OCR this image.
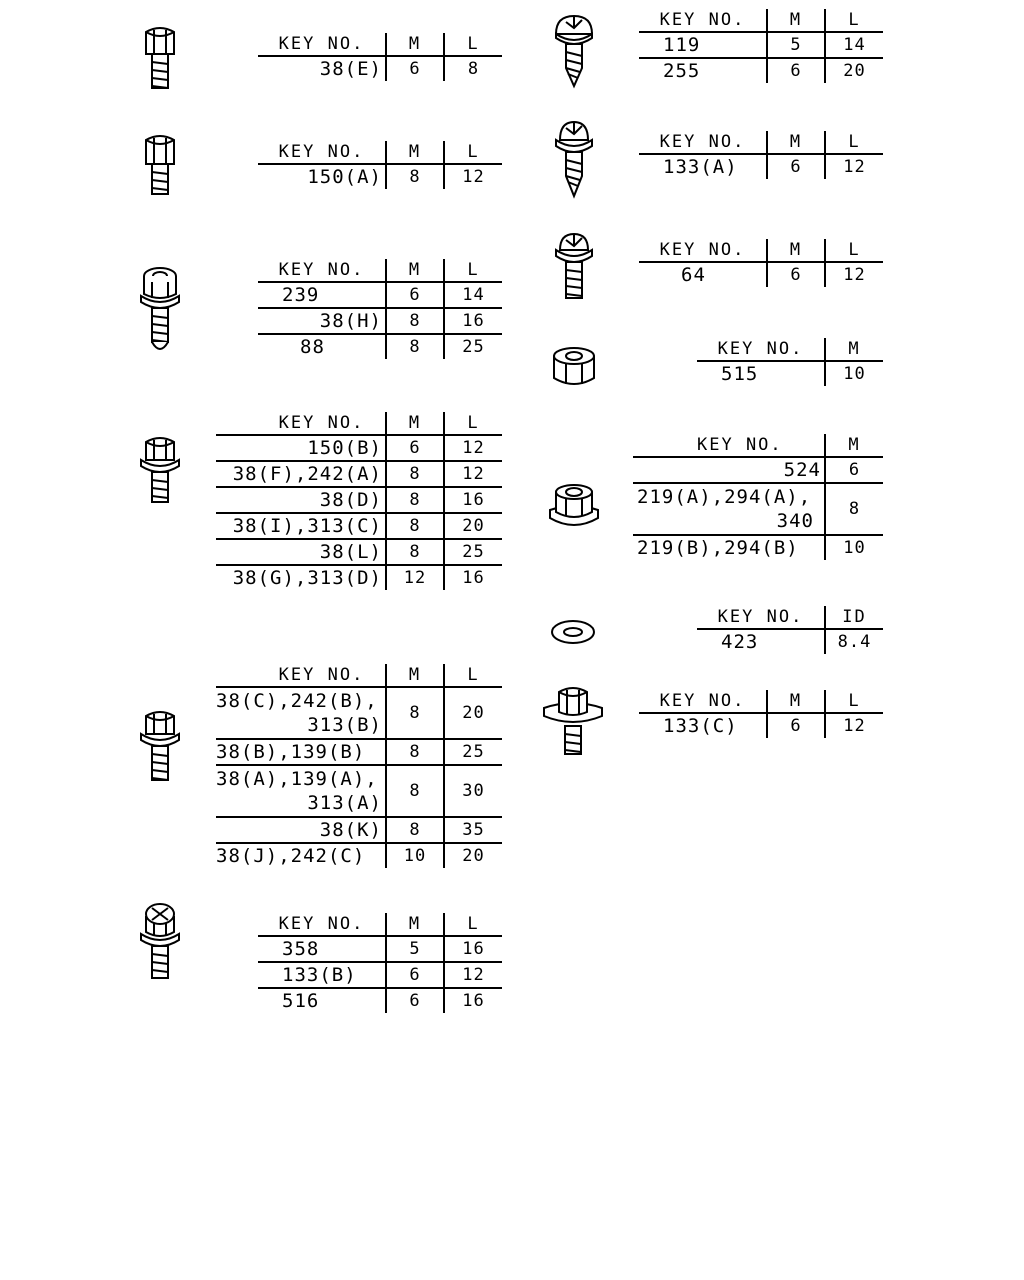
KEY NO.	M	L
38(E)	6	8
KEY NO.	M	L
150(A)	8	12
KEY NO.	M	L
239	6	14
38(H)	8	16
88	8	25
KEY NO.	M	L
150(B)	6	12
38(F),242(A)	8	12
38(D)	8	16
38(I),313(C)	8	20
38(L)	8	25
38(G),313(D)	12	16
KEY NO.	M	L

38(C),242(B),
313(B)	8	20
38(B),139(B)	8	25

38(A),139(A),
313(A)	8	30
38(K)	8	35
38(J),242(C)	10	20
KEY NO.	M	L
358	5	16
133(B)	6	12
516	6	16
KEY NO.	M	L
119	5	14
255	6	20
KEY NO.	M	L
133(A)	6	12
KEY NO.	M	L
64	6	12
KEY NO.	M
515	10
KEY NO.	M
524	6

219(A),294(A),
340	8
219(B),294(B)	10
KEY NO.	ID
423	8.4
KEY NO.	M	L
133(C)	6	12
